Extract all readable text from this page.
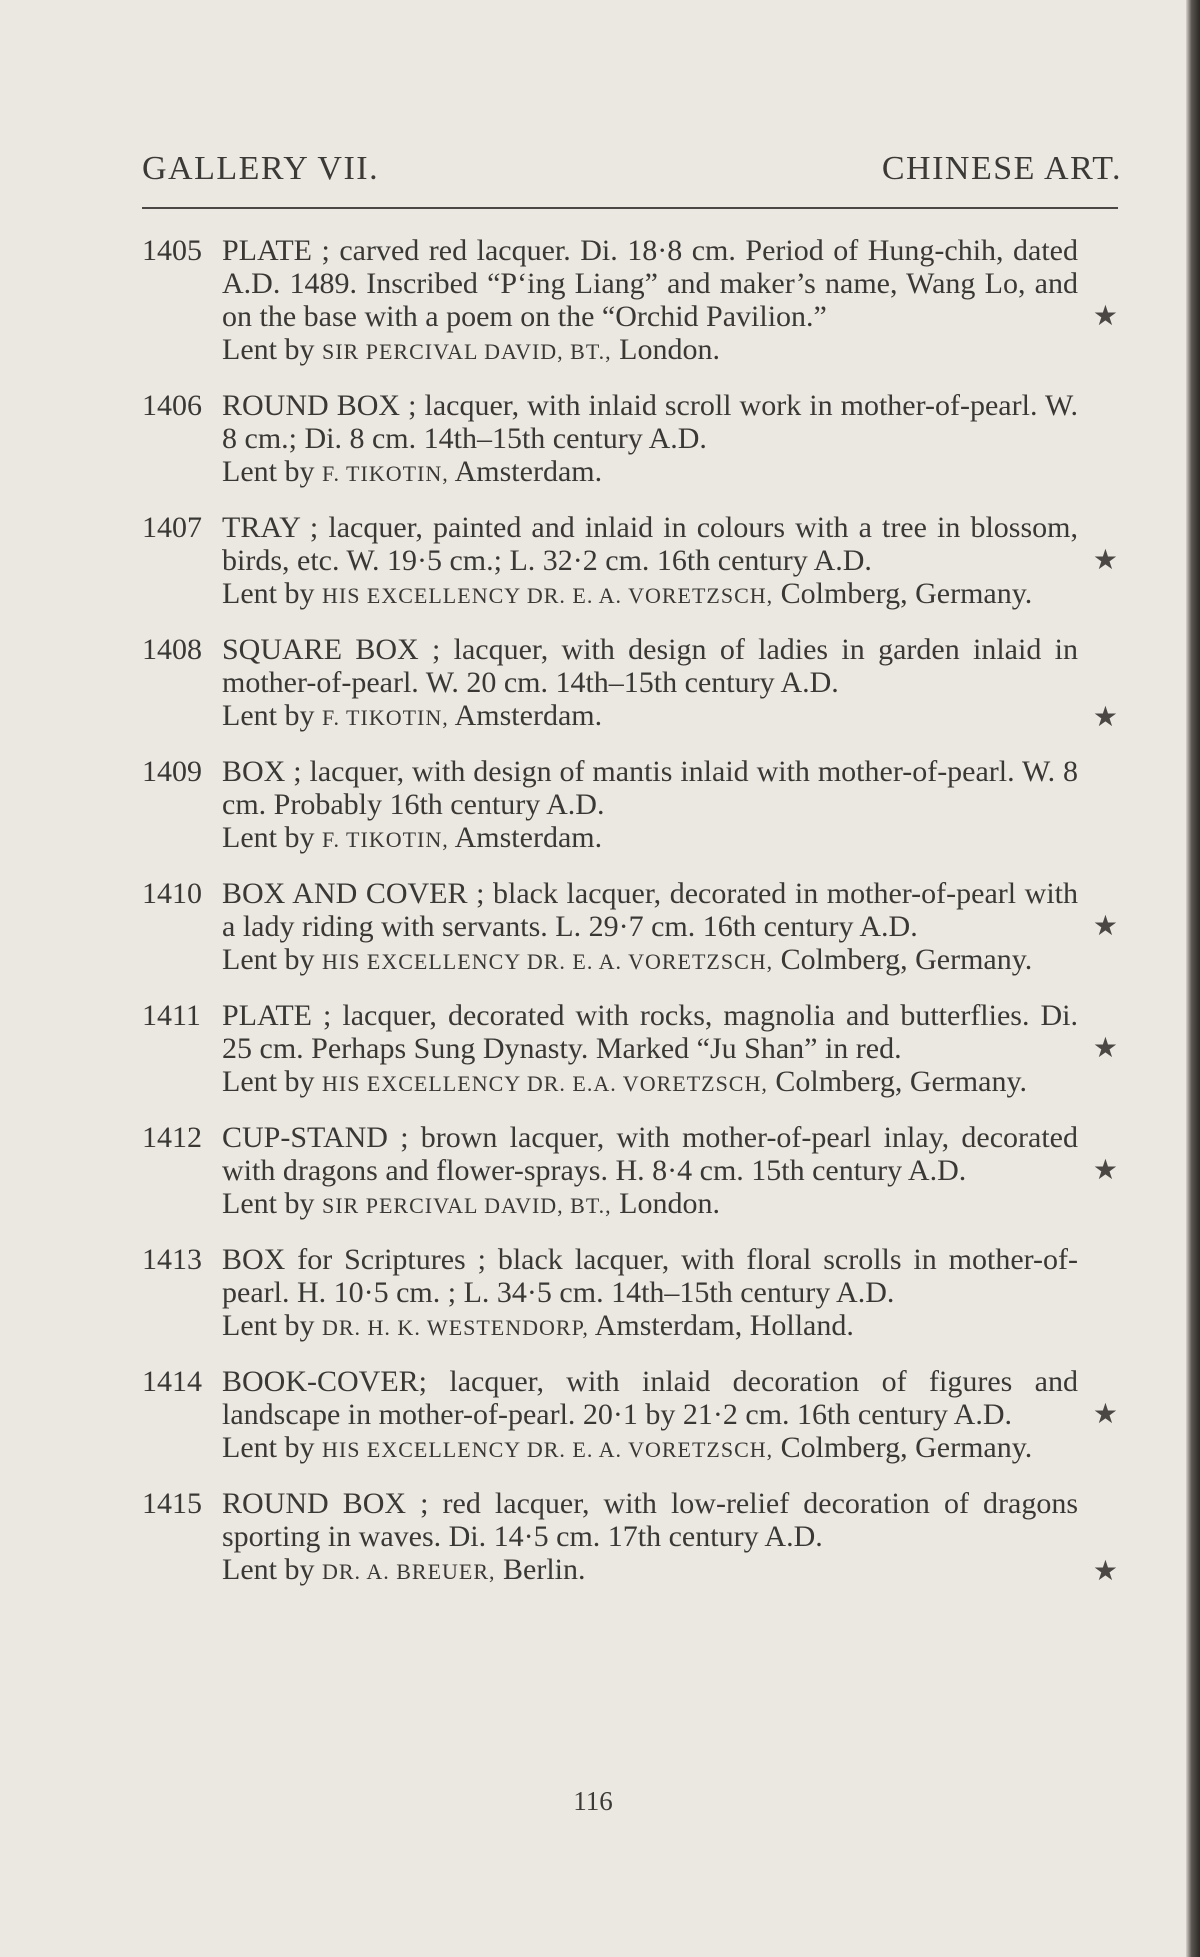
GALLERY VII.	CHINESE ART.
1405 PLATE ; carved red lacquer. Di. 18·8 cm. Period of Hung-chih, dated A.D. 1489. Inscribed “P‘ing Liang” and maker’s name, Wang Lo, and on the base with a poem on the “Orchid Pavilion.”	★
Lent by SIR PERCIVAL DAVID, BT., London.
1406 ROUND BOX ; lacquer, with inlaid scroll work in mother-of-pearl. W. 8 cm.; Di. 8 cm. 14th–15th century A.D.
Lent by F. TIKOTIN, Amsterdam.
1407 TRAY ; lacquer, painted and inlaid in colours with a tree in blossom, birds, etc. W. 19·5 cm.; L. 32·2 cm. 16th century A.D.	★
Lent by HIS EXCELLENCY DR. E. A. VORETZSCH, Colmberg, Germany.
1408 SQUARE BOX ; lacquer, with design of ladies in garden inlaid in mother-of-pearl. W. 20 cm. 14th–15th century A.D.
Lent by F. TIKOTIN, Amsterdam.	★
1409 BOX ; lacquer, with design of mantis inlaid with mother-of-pearl. W. 8 cm. Probably 16th century A.D.
Lent by F. TIKOTIN, Amsterdam.
1410 BOX AND COVER ; black lacquer, decorated in mother-of-pearl with a lady riding with servants. L. 29·7 cm. 16th century A.D.	★
Lent by HIS EXCELLENCY DR. E. A. VORETZSCH, Colmberg, Germany.
1411 PLATE ; lacquer, decorated with rocks, magnolia and butterflies. Di. 25 cm. Perhaps Sung Dynasty. Marked “Ju Shan” in red.	★
Lent by HIS EXCELLENCY DR. E.A. VORETZSCH, Colmberg, Germany.
1412 CUP-STAND ; brown lacquer, with mother-of-pearl inlay, decorated with dragons and flower-sprays. H. 8·4 cm. 15th century A.D.	★
Lent by SIR PERCIVAL DAVID, BT., London.
1413 BOX for Scriptures ; black lacquer, with floral scrolls in mother-of-pearl. H. 10·5 cm. ; L. 34·5 cm. 14th–15th century A.D.
Lent by DR. H. K. WESTENDORP, Amsterdam, Holland.
1414 BOOK-COVER; lacquer, with inlaid decoration of figures and landscape in mother-of-pearl. 20·1 by 21·2 cm. 16th century A.D.	★
Lent by HIS EXCELLENCY DR. E. A. VORETZSCH, Colmberg, Germany.
1415 ROUND BOX ; red lacquer, with low-relief decoration of dragons sporting in waves. Di. 14·5 cm. 17th century A.D.
Lent by DR. A. BREUER, Berlin.	★
116
